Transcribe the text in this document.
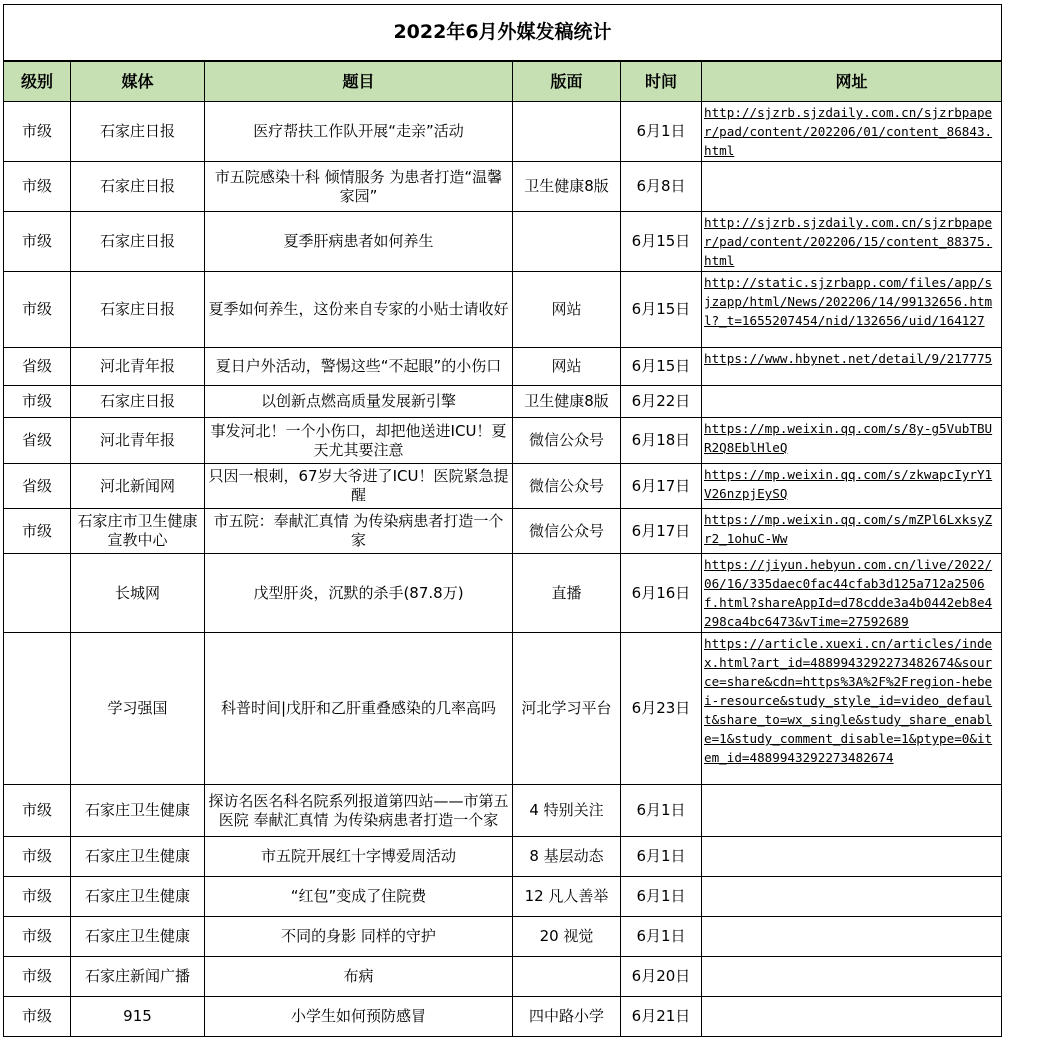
2022年6月外媒发稿统计					
级别	媒体	题目	版面	时间	网址
市级	石家庄日报	医疗帮扶工作队开展“走亲”活动		6月1日	http://sjzrb.sjzdaily.com.cn/sjzrbpaper/pad/content/202206/01/content_86843.html
市级	石家庄日报	市五院感染十科 倾情服务 为患者打造“温馨家园”	卫生健康8版	6月8日	
市级	石家庄日报	夏季肝病患者如何养生		6月15日	http://sjzrb.sjzdaily.com.cn/sjzrbpaper/pad/content/202206/15/content_88375.html
市级	石家庄日报	夏季如何养生，这份来自专家的小贴士请收好	网站	6月15日	http://static.sjzrbapp.com/files/app/sjzapp/html/News/202206/14/99132656.html?_t=1655207454/nid/132656/uid/164127
省级	河北青年报	夏日户外活动，警惕这些“不起眼”的小伤口	网站	6月15日	https://www.hbynet.net/detail/9/217775
市级	石家庄日报	以创新点燃高质量发展新引擎	卫生健康8版	6月22日	
省级	河北青年报	事发河北！一个小伤口，却把他送进ICU！夏天尤其要注意	微信公众号	6月18日	https://mp.weixin.qq.com/s/8y-g5VubTBUR2Q8EblHleQ
省级	河北新闻网	只因一根刺，67岁大爷进了ICU！医院紧急提醒	微信公众号	6月17日	https://mp.weixin.qq.com/s/zkwapcIyrY1V26nzpjEySQ
市级	石家庄市卫生健康宣教中心	市五院：奉献汇真情 为传染病患者打造一个家	微信公众号	6月17日	https://mp.weixin.qq.com/s/mZPl6LxksyZr2_1ohuC-Ww
	长城网	戊型肝炎，沉默的杀手(87.8万)	直播	6月16日	https://jiyun.hebyun.com.cn/live/2022/06/16/335daec0fac44cfab3d125a712a2506f.html?shareAppId=d78cdde3a4b0442eb8e4298ca4bc6473&vTime=27592689
	学习强国	科普时间|戊肝和乙肝重叠感染的几率高吗	河北学习平台	6月23日	https://article.xuexi.cn/articles/index.html?art_id=4889943292273482674&source=share&cdn=https%3A%2F%2Fregion-hebei-resource&study_style_id=video_default&share_to=wx_single&study_share_enable=1&study_comment_disable=1&ptype=0&item_id=4889943292273482674
市级	石家庄卫生健康	探访名医名科名院系列报道第四站——市第五医院 奉献汇真情 为传染病患者打造一个家	4 特别关注	6月1日	
市级	石家庄卫生健康	市五院开展红十字博爱周活动	8 基层动态	6月1日	
市级	石家庄卫生健康	“红包”变成了住院费	12 凡人善举	6月1日	
市级	石家庄卫生健康	不同的身影 同样的守护	20 视觉	6月1日	
市级	石家庄新闻广播	布病		6月20日	
市级	915	小学生如何预防感冒	四中路小学	6月21日	
